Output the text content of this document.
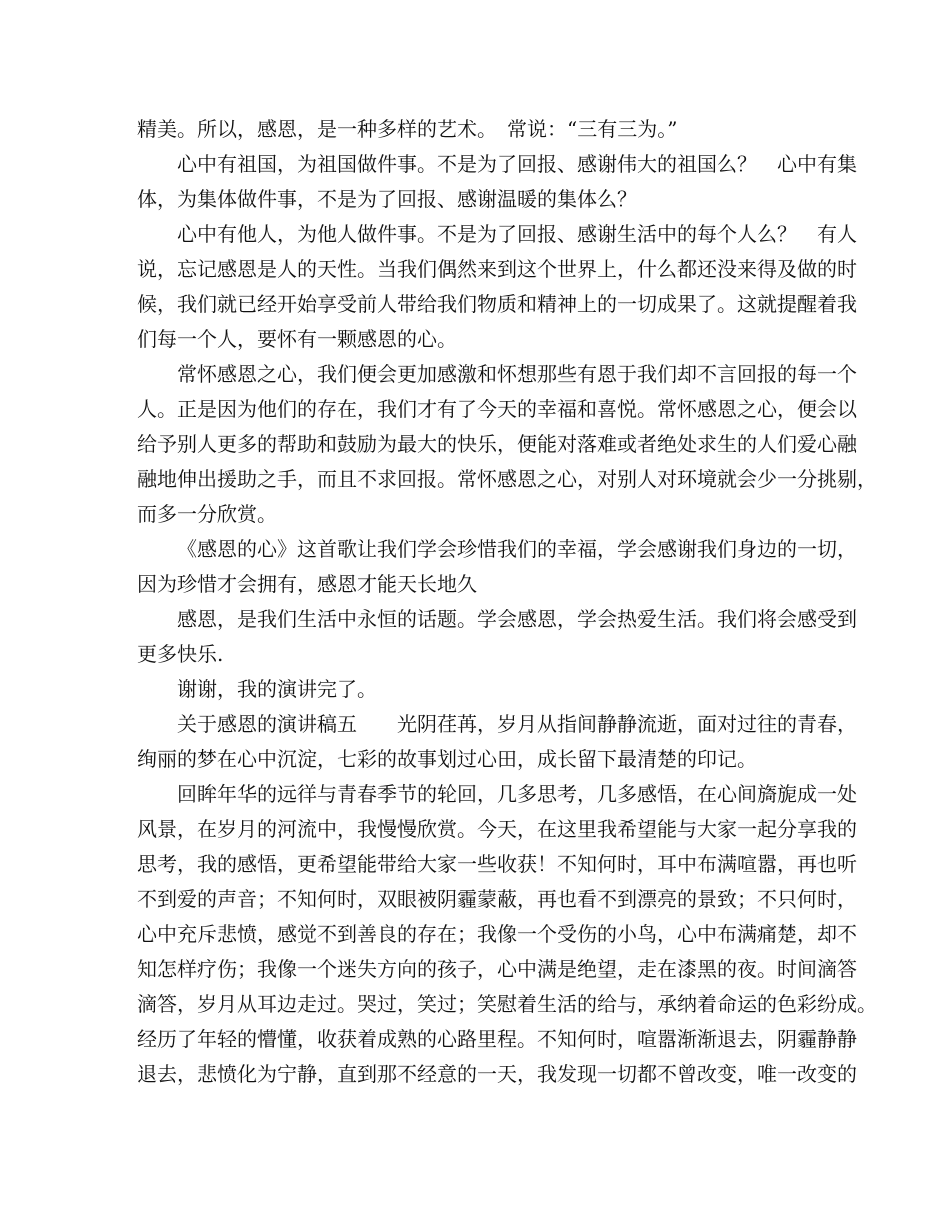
精美。所以，感恩，是一种多样的艺术。　常说：“三有三为。”
心中有祖国，为祖国做件事。不是为了回报、感谢伟大的祖国么？　心中有集
体，为集体做件事，不是为了回报、感谢温暖的集体么？
心中有他人，为他人做件事。不是为了回报、感谢生活中的每个人么？　有人
说，忘记感恩是人的天性。当我们偶然来到这个世界上，什么都还没来得及做的时
候，我们就已经开始享受前人带给我们物质和精神上的一切成果了。这就提醒着我
们每一个人，要怀有一颗感恩的心。
常怀感恩之心，我们便会更加感激和怀想那些有恩于我们却不言回报的每一个
人。正是因为他们的存在，我们才有了今天的幸福和喜悦。常怀感恩之心，便会以
给予别人更多的帮助和鼓励为最大的快乐，便能对落难或者绝处求生的人们爱心融
融地伸出援助之手，而且不求回报。常怀感恩之心，对别人对环境就会少一分挑剔，
而多一分欣赏。
《感恩的心》这首歌让我们学会珍惜我们的幸福，学会感谢我们身边的一切，
因为珍惜才会拥有，感恩才能天长地久
感恩，是我们生活中永恒的话题。学会感恩，学会热爱生活。我们将会感受到
更多快乐.
谢谢，我的演讲完了。
关于感恩的演讲稿五　　光阴荏苒，岁月从指间静静流逝，面对过往的青春，
绚丽的梦在心中沉淀，七彩的故事划过心田，成长留下最清楚的印记。
回眸年华的远徉与青春季节的轮回，几多思考，几多感悟，在心间旖旎成一处
风景，在岁月的河流中，我慢慢欣赏。今天，在这里我希望能与大家一起分享我的
思考，我的感悟，更希望能带给大家一些收获！不知何时，耳中布满喧嚣，再也听
不到爱的声音；不知何时，双眼被阴霾蒙蔽，再也看不到漂亮的景致；不只何时，
心中充斥悲愤，感觉不到善良的存在；我像一个受伤的小鸟，心中布满痛楚，却不
知怎样疗伤；我像一个迷失方向的孩子，心中满是绝望，走在漆黑的夜。时间滴答
滴答，岁月从耳边走过。哭过，笑过；笑慰着生活的给与，承纳着命运的色彩纷成。
经历了年轻的懵懂，收获着成熟的心路里程。不知何时，喧嚣渐渐退去，阴霾静静
退去，悲愤化为宁静，直到那不经意的一天，我发现一切都不曾改变，唯一改变的
